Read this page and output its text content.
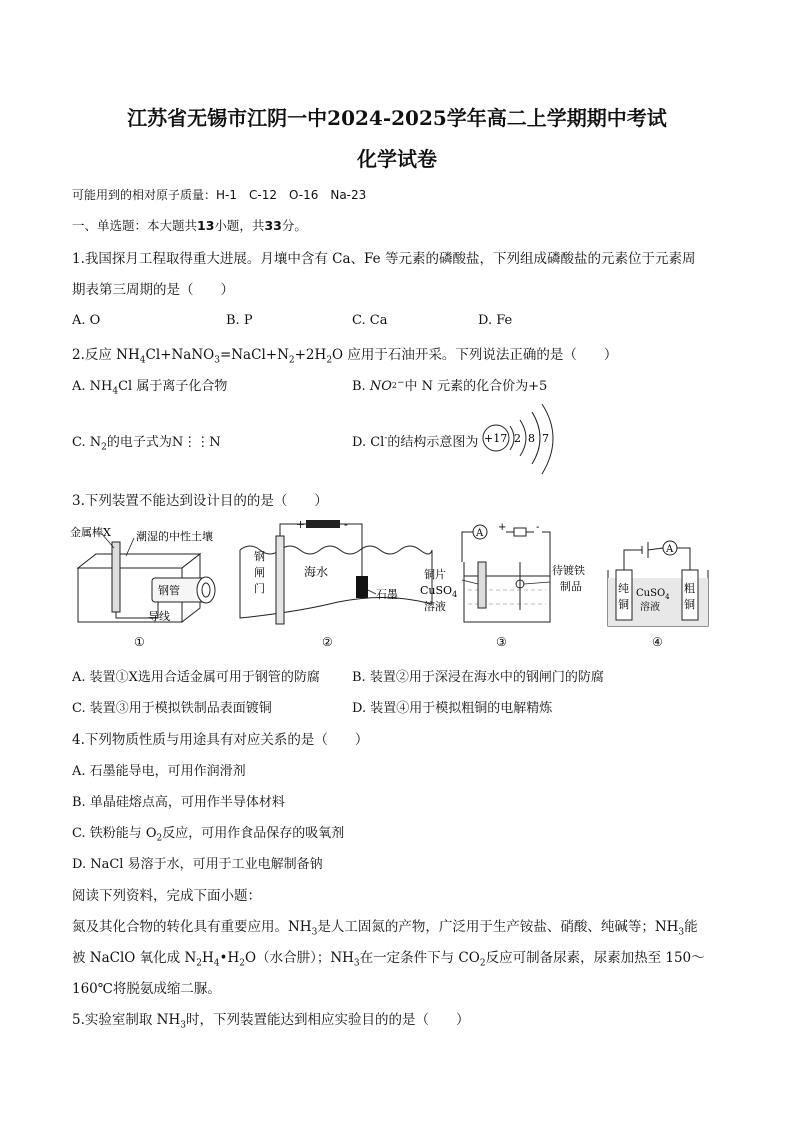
江苏省无锡市江阴一中2024-2025学年高二上学期期中考试
化学试卷
可能用到的相对原子质量：H-1　C-12　O-16　Na-23
一、单选题：本大题共13小题，共33分。
1.我国探月工程取得重大进展。月壤中含有 Ca、Fe 等元素的磷酸盐，下列组成磷酸盐的元素位于元素周
期表第三周期的是（　　）
A. O	B. P	C. Ca	D. Fe
2.反应 $NH_4Cl+NaNO_3=NaCl+N_2+2H_2O$ 应用于石油开采。下列说法正确的是（　　）
A. $NH_4Cl$ 属于离子化合物	B. $NO^{_2-}$中 N 元素的化合价为+5
C. $N_2$的电子式为N⋮⋮N	D. Cl-的结构示意图为 +17 2 8 7
3.下列装置不能达到设计目的的是（　　）
金属棒X 潮湿的中性土壤
钢管
导线
①
+	-
钢
闸
门
海水
石墨
②
A
+	-
铜片
CuSO$_4$
溶液
待镀铁
制品
③
A
纯
铜
CuSO$_4$
溶液
粗
铜
④
A. 装置①X选用合适金属可用于钢管的防腐 B. 装置②用于深浸在海水中的钢闸门的防腐
C. 装置③用于模拟铁制品表面镀铜	D. 装置④用于模拟粗铜的电解精炼
4.下列物质性质与用途具有对应关系的是（　　）
A. 石墨能导电，可用作润滑剂
B. 单晶硅熔点高，可用作半导体材料
C. 铁粉能与 $O_2$反应，可用作食品保存的吸氧剂
D. NaCl 易溶于水，可用于工业电解制备钠
阅读下列资料，完成下面小题：
氮及其化合物的转化具有重要应用。$NH_3$是人工固氮的产物，广泛用于生产铵盐、硝酸、纯碱等；$NH_3$能
被 NaClO 氧化成 $N_2H_4•H_2O$（水合肼）；$NH_3$在一定条件下与 $CO_2$反应可制备尿素，尿素加热至 150～
160℃将脱氨成缩二脲。
5.实验室制取 $NH_3$时，下列装置能达到相应实验目的的是（　　）
